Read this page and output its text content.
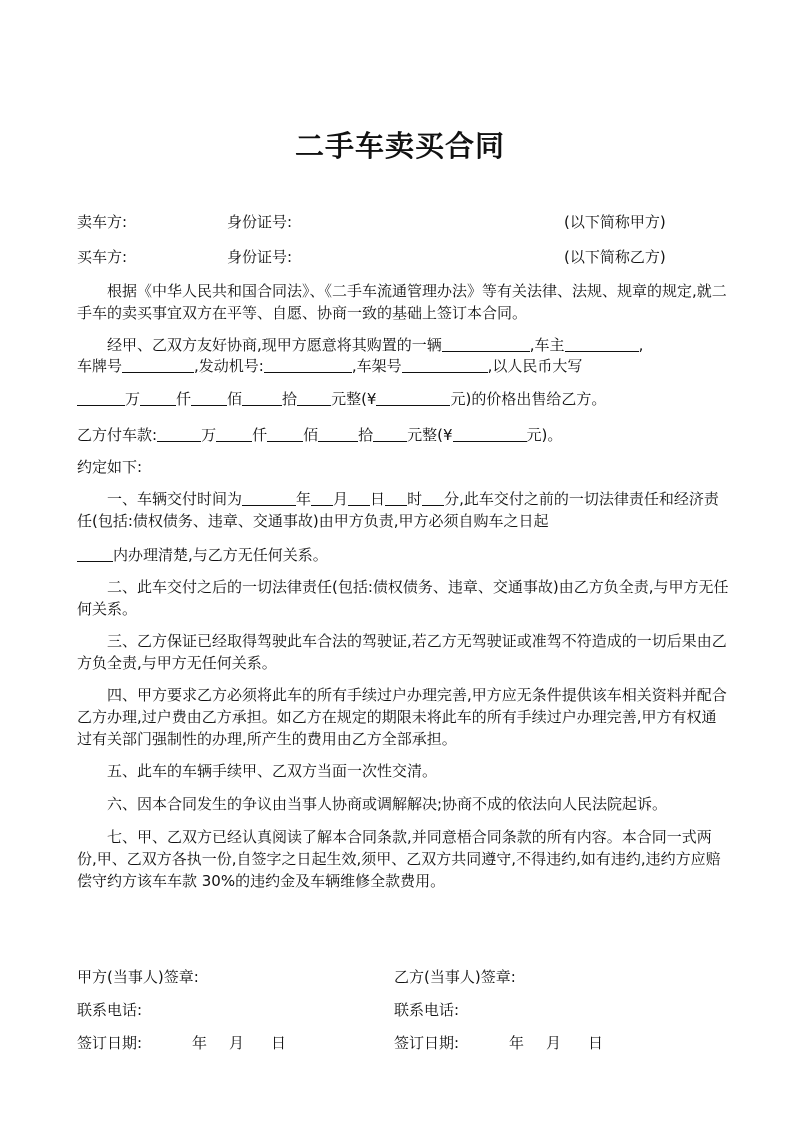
二手车卖买合同
卖车方:	身份证号:	(以下简称甲方)
买车方:	身份证号:	(以下简称乙方)

根据《中华人民共和国合同法》、《二手车流通管理办法》等有关法律、法规、规章的规定,就二手车的卖买事宜双方在平等、自愿、协商一致的基础上签订本合同。

经甲、乙双方友好协商,现甲方愿意将其购置的一辆	,车主	,
车牌号	,发动机号:	,车架号	,以人民币大写
万 仟 佰	拾 元整(¥	元)的价格出售给乙方。
乙方付车款:	万 仟 佰	拾 元整(¥	元)。
约定如下:

一、车辆交付时间为	年 月 日 时 分,此车交付之前的一切法律责任和经济责任(包括:债权债务、违章、交通事故)由甲方负责,甲方必须自购车之日起

内办理清楚,与乙方无任何关系。

二、此车交付之后的一切法律责任(包括:债权债务、违章、交通事故)由乙方负全责,与甲方无任何关系。

三、乙方保证已经取得驾驶此车合法的驾驶证,若乙方无驾驶证或准驾不符造成的一切后果由乙方负全责,与甲方无任何关系。

四、甲方要求乙方必须将此车的所有手续过户办理完善,甲方应无条件提供该车相关资料并配合乙方办理,过户费由乙方承担。如乙方在规定的期限未将此车的所有手续过户办理完善,甲方有权通过有关部门强制性的办理,所产生的费用由乙方全部承担。

五、此车的车辆手续甲、乙双方当面一次性交清。

六、因本合同发生的争议由当事人协商或调解解决;协商不成的依法向人民法院起诉。

七、甲、乙双方已经认真阅读了解本合同条款,并同意梧合同条款的所有内容。本合同一式两份,甲、乙双方各执一份,自签字之日起生效,须甲、乙双方共同遵守,不得违约,如有违约,违约方应赔偿守约方该车车款 30%的违约金及车辆维修全款费用。

甲方(当事人)签章:	乙方(当事人)签章:
联系电话:	联系电话:
签订日期:	年 月 日	签订日期:	年 月 日
